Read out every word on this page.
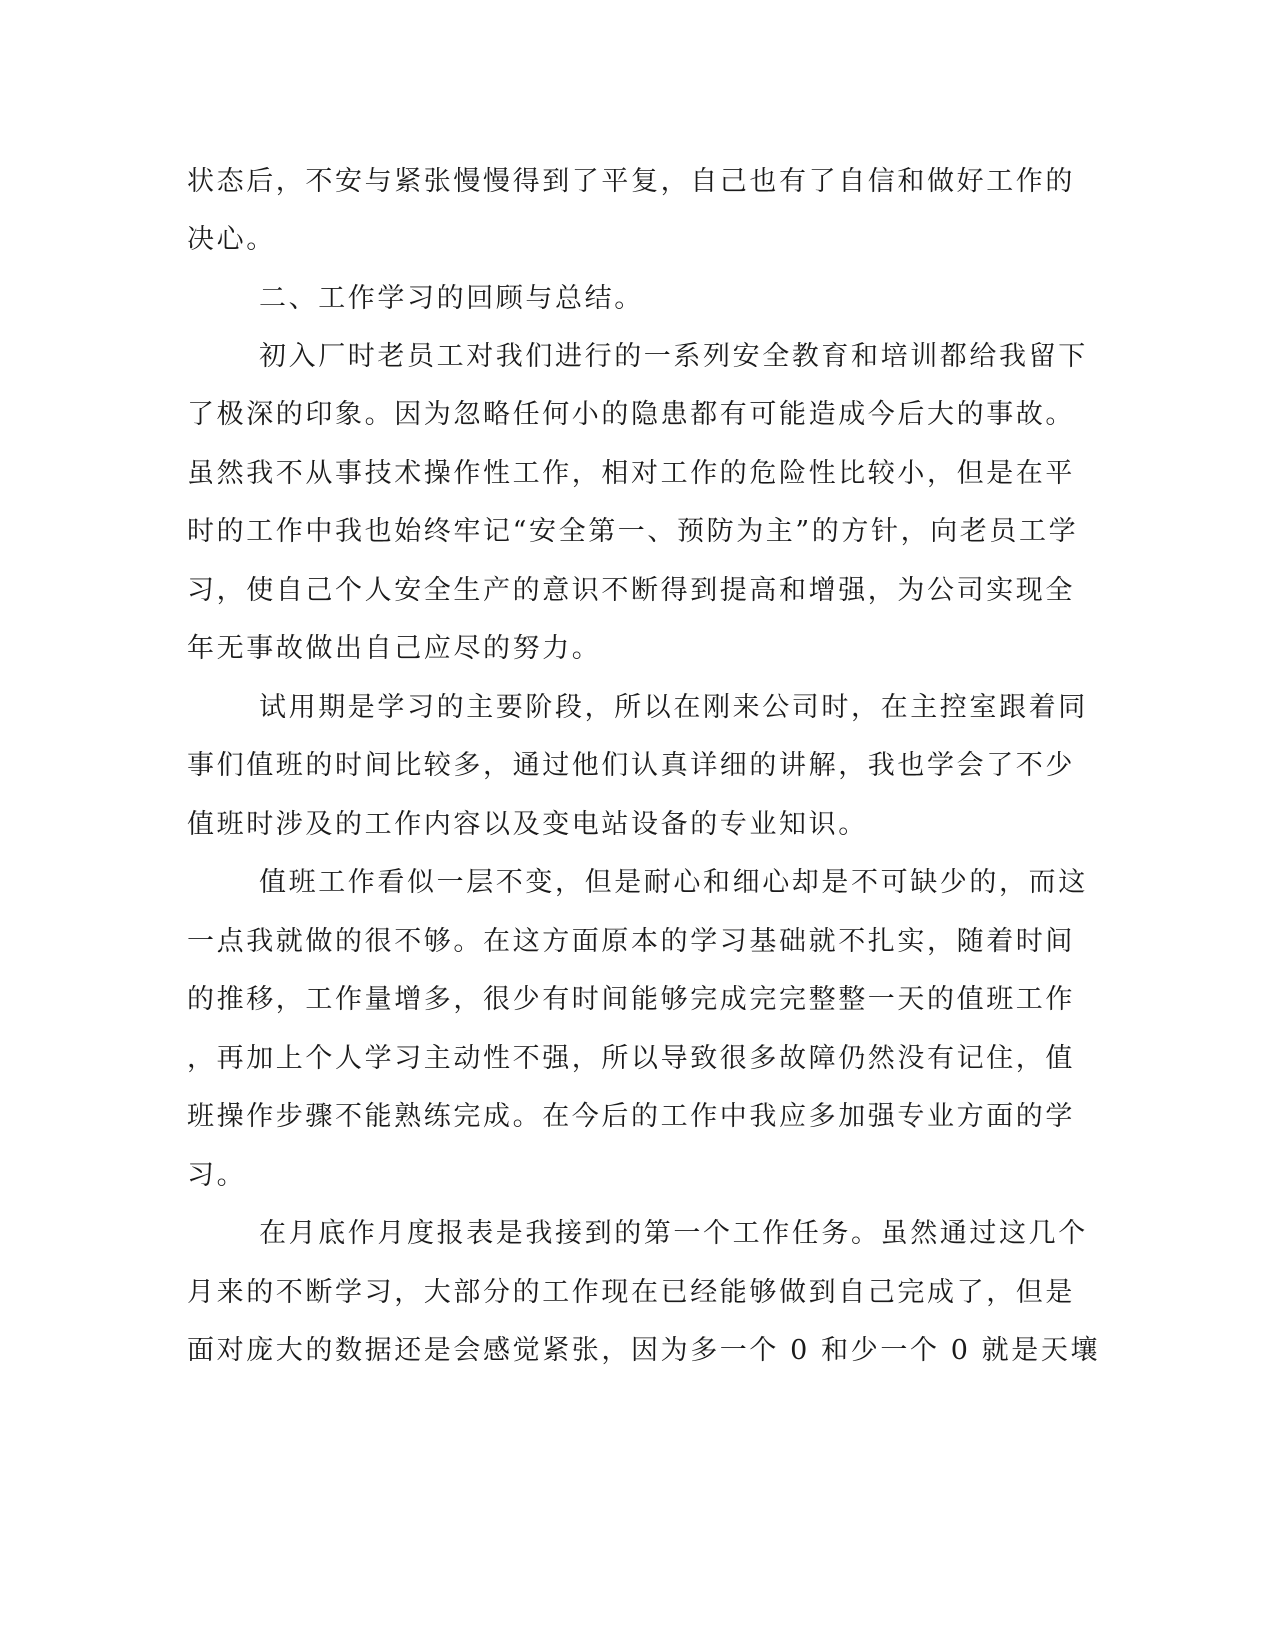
状态后，不安与紧张慢慢得到了平复，自己也有了自信和做好工作的
决心。
二、工作学习的回顾与总结。
初入厂时老员工对我们进行的一系列安全教育和培训都给我留下
了极深的印象。因为忽略任何小的隐患都有可能造成今后大的事故。
虽然我不从事技术操作性工作，相对工作的危险性比较小，但是在平
时的工作中我也始终牢记“安全第一、预防为主”的方针，向老员工学
习，使自己个人安全生产的意识不断得到提高和增强，为公司实现全
年无事故做出自己应尽的努力。
试用期是学习的主要阶段，所以在刚来公司时，在主控室跟着同
事们值班的时间比较多，通过他们认真详细的讲解，我也学会了不少
值班时涉及的工作内容以及变电站设备的专业知识。
值班工作看似一层不变，但是耐心和细心却是不可缺少的，而这
一点我就做的很不够。在这方面原本的学习基础就不扎实，随着时间
的推移，工作量增多，很少有时间能够完成完完整整一天的值班工作
，再加上个人学习主动性不强，所以导致很多故障仍然没有记住，值
班操作步骤不能熟练完成。在今后的工作中我应多加强专业方面的学
习。
在月底作月度报表是我接到的第一个工作任务。虽然通过这几个
月来的不断学习，大部分的工作现在已经能够做到自己完成了，但是
面对庞大的数据还是会感觉紧张，因为多一个 0 和少一个 0 就是天壤
